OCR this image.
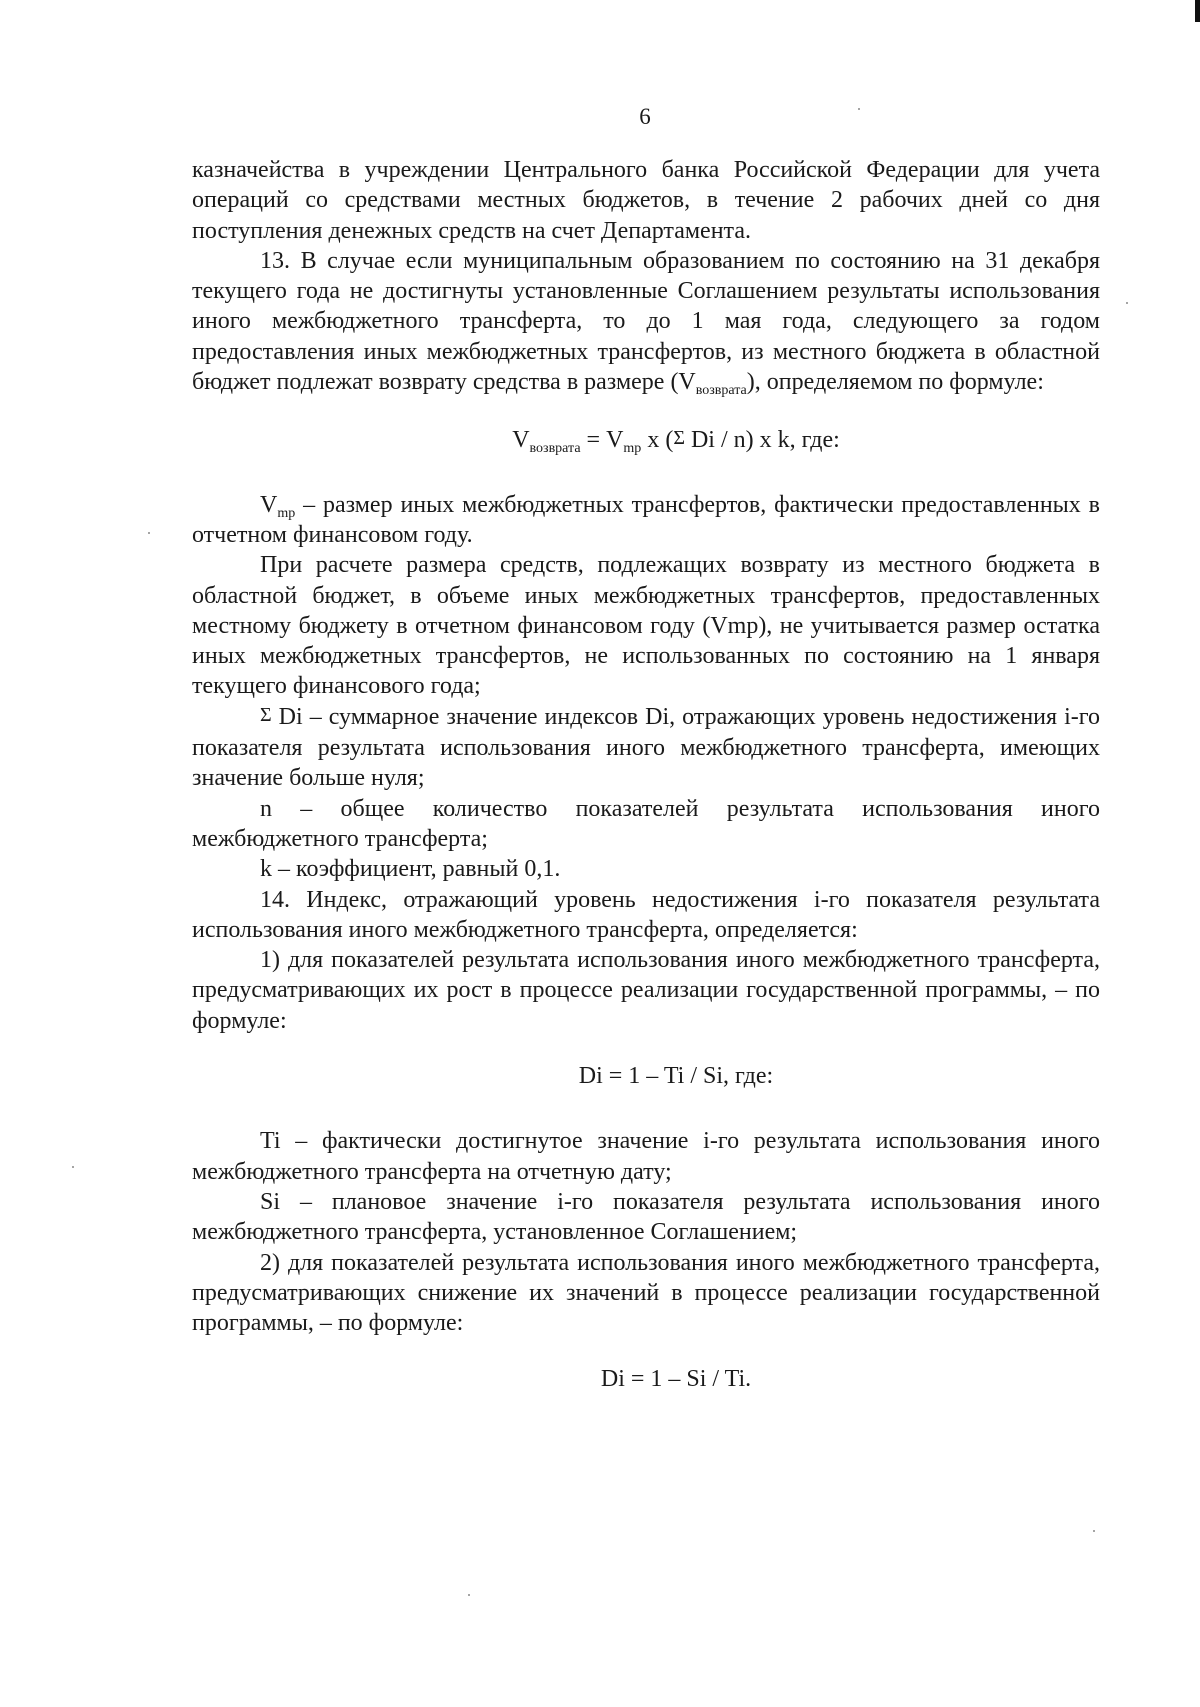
6

казначейства в учреждении Центрального банка Российской Федерации для учета операций со средствами местных бюджетов, в течение 2 рабочих дней со дня поступления денежных средств на счет Департамента.

13. В случае если муниципальным образованием по состоянию на 31 декабря текущего года не достигнуты установленные Соглашением результаты использования иного межбюджетного трансферта, то до 1 мая года, следующего за годом предоставления иных межбюджетных трансфертов, из местного бюджета в областной бюджет подлежат возврату средства в размере $(V_{возврата})$, определяемом по формуле:

$V_{возврата} = V_{mp}$ x (Σ Di / n) x k, где:

$V_{mp}$ – размер иных межбюджетных трансфертов, фактически предоставленных в отчетном финансовом году.

При расчете размера средств, подлежащих возврату из местного бюджета в областной бюджет, в объеме иных межбюджетных трансфертов, предоставленных местному бюджету в отчетном финансовом году (Vmp), не учитывается размер остатка иных межбюджетных трансфертов, не использованных по состоянию на 1 января текущего финансового года;

Σ Di – суммарное значение индексов Di, отражающих уровень недостижения i-го показателя результата использования иного межбюджетного трансферта, имеющих значение больше нуля;

n – общее количество показателей результата использования иного межбюджетного трансферта;

k – коэффициент, равный 0,1.

14. Индекс, отражающий уровень недостижения i-го показателя результата использования иного межбюджетного трансферта, определяется:

1) для показателей результата использования иного межбюджетного трансферта, предусматривающих их рост в процессе реализации государственной программы, – по формуле:

Di = 1 – Ti / Si, где:

Ti – фактически достигнутое значение i-го результата использования иного межбюджетного трансферта на отчетную дату;

Si – плановое значение i-го показателя результата использования иного межбюджетного трансферта, установленное Соглашением;

2) для показателей результата использования иного межбюджетного трансферта, предусматривающих снижение их значений в процессе реализации государственной программы, – по формуле:

Di = 1 – Si / Ti.
